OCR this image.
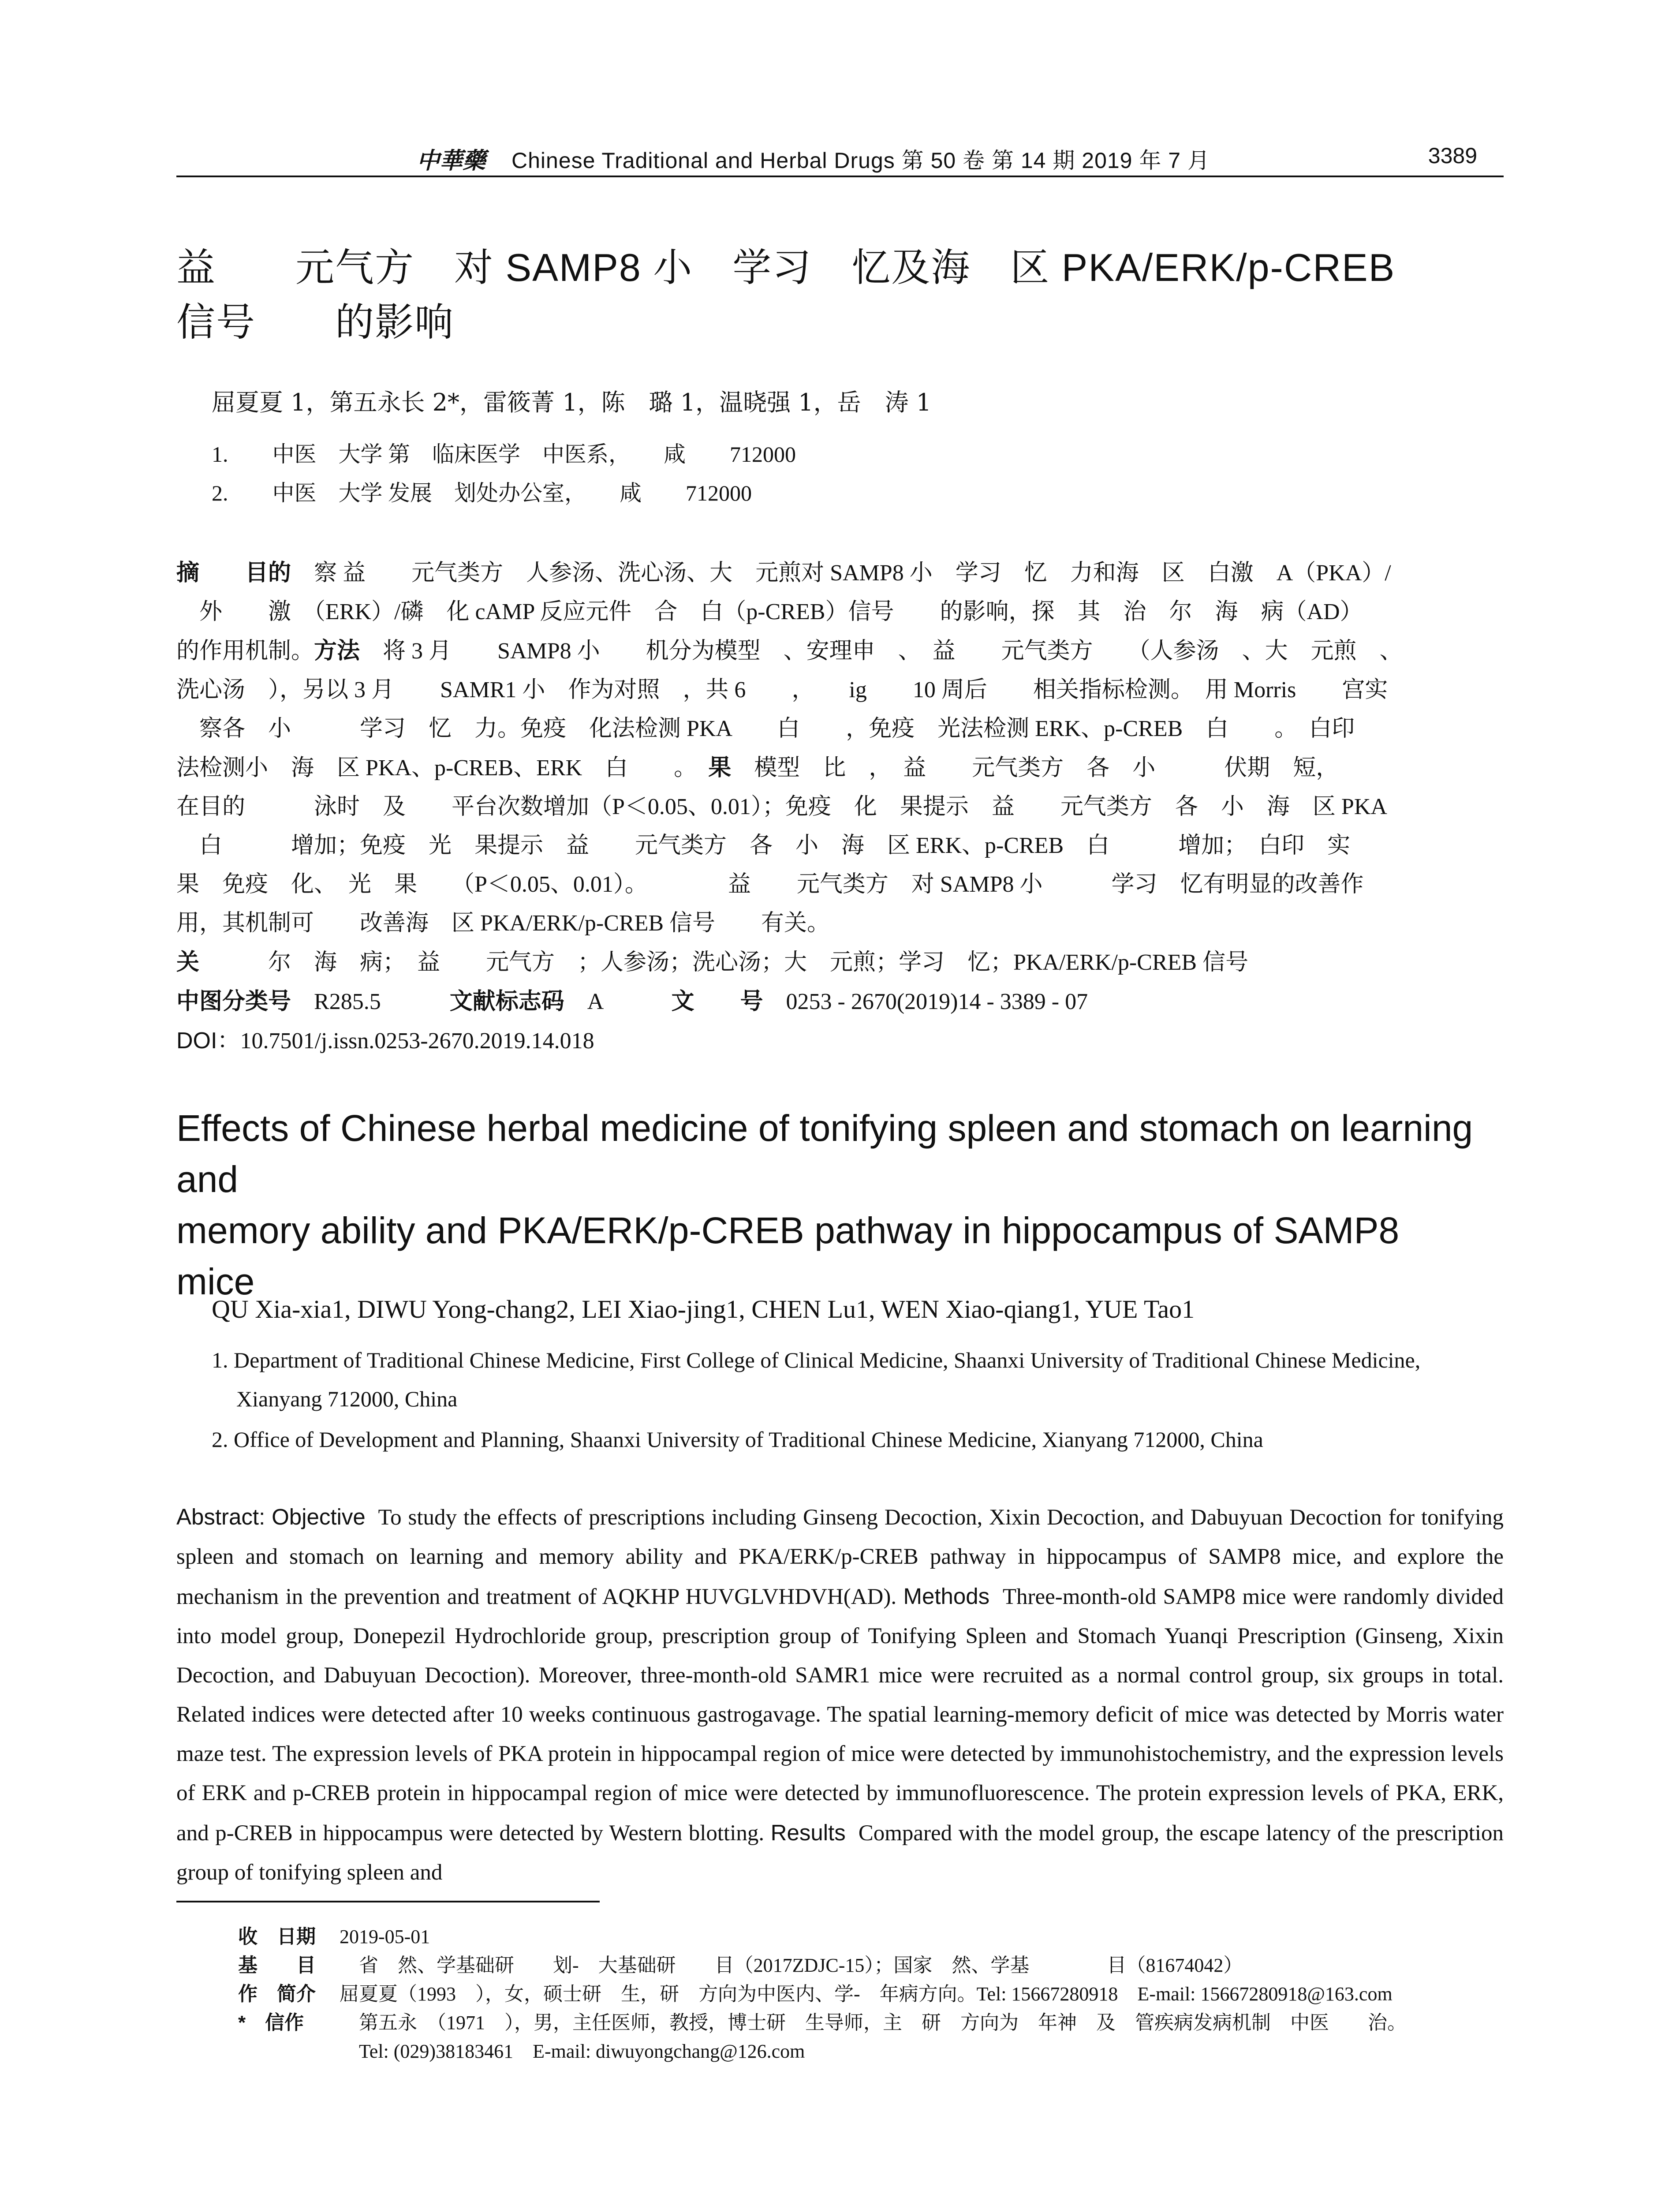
中華藥 Chinese Traditional and Herbal Drugs 第 50 卷 第 14 期 2019 年 7 月	3389
益　　元气方　对 SAMP8 小　学习　忆及海　区 PKA/ERK/p-CREB
信号　　的影响
屈夏夏 1，第五永长 2*，雷筱菁 1，陈　璐 1，温晓强 1，岳　涛 1
1.　　中医　大学 第　临床医学　中医系，　　咸　　712000
2.　　中医　大学 发展　划处办公室，　　咸　　712000
摘　　 目的　 察 益　　元气类方　人参汤、洗心汤、大　元煎对 SAMP8 小　学习　忆　力和海　区　白激　A（PKA）/
　外　　激　（ERK）/磷　化 cAMP 反应元件　合　白（p-CREB）信号　　的影响，探　其　治　尔　海　病（AD）
的作用机制。方法　 将 3 月　　SAMP8 小　　机分为模型　、安理申　、　益　　元气类方　　（人参汤　、大　元煎　、
洗心汤　），另以 3 月　　SAMR1 小　作为对照　，共 6　　，　　ig　　10 周后　　相关指标检测。　用 Morris　　宫实
　察各　小　　　学习　忆　力。免疫　化法检测 PKA　　白　　，免疫　光法检测 ERK、p-CREB　白　　。　白印
法检测小　海　区 PKA、p-CREB、ERK　白　　。　 果　模型　比　，　益　　元气类方　各　小　　　伏期　短，
在目的　　　泳时　及　　平台次数增加（P＜0.05、0.01）；免疫　化　果提示　益　　元气类方　各　小　海　区 PKA
　白　　　增加；免疫　光　果提示　益　　元气类方　各　小　海　区 ERK、p-CREB　白　　　增加；　白印　实
果　免疫　化、　光　果　　（P＜0.05、0.01）。　　　　益　　元气类方　对 SAMP8 小　　　学习　忆有明显的改善作
用，其机制可　　改善海　区 PKA/ERK/p-CREB 信号　　有关。
关　　　尔　海　病；　益　　元气方　；人参汤；洗心汤；大　元煎；学习　忆；PKA/ERK/p-CREB 信号
中图分类号　 R285.5　　　	文献标志码　 A　　　	文　　号　 0253 - 2670(2019)14 - 3389 - 07
DOI：10.7501/j.issn.0253-2670.2019.14.018
Effects of Chinese herbal medicine of tonifying spleen and stomach on learning and
memory ability and PKA/ERK/p-CREB pathway in hippocampus of SAMP8
mice
QU Xia-xia1, DIWU Yong-chang2, LEI Xiao-jing1, CHEN Lu1, WEN Xiao-qiang1, YUE Tao1
1. Department of Traditional Chinese Medicine, First College of Clinical Medicine, Shaanxi University of Traditional Chinese Medicine, Xianyang 712000, China
2. Office of Development and Planning, Shaanxi University of Traditional Chinese Medicine, Xianyang 712000, China
Abstract: Objective To study the effects of prescriptions including Ginseng Decoction, Xixin Decoction, and Dabuyuan Decoction for tonifying spleen and stomach on learning and memory ability and PKA/ERK/p-CREB pathway in hippocampus of SAMP8 mice, and explore the mechanism in the prevention and treatment of AQKHP HUVGLVHDVH(AD). Methods Three-month-old SAMP8 mice were randomly divided into model group, Donepezil Hydrochloride group, prescription group of Tonifying Spleen and Stomach Yuanqi Prescription (Ginseng, Xixin Decoction, and Dabuyuan Decoction). Moreover, three-month-old SAMR1 mice were recruited as a normal control group, six groups in total. Related indices were detected after 10 weeks continuous gastrogavage. The spatial learning-memory deficit of mice was detected by Morris water maze test. The expression levels of PKA protein in hippocampal region of mice were detected by immunohistochemistry, and the expression levels of ERK and p-CREB protein in hippocampal region of mice were detected by immunofluorescence. The protein expression levels of PKA, ERK, and p-CREB in hippocampus were detected by Western blotting. Results Compared with the model group, the escape latency of the prescription group of tonifying spleen and
收　日期 2019-05-01
基　　目　省　然、学基础研　　划-　大基础研　　目（2017ZDJC-15）；国家　然、学基　　　　目（81674042）
作　简介 屈夏夏（1993　），女，硕士研　生，研　方向为中医内、学-　年病方向。Tel: 15667280918　E-mail: 15667280918@163.com
*　信作　第五永　（1971　），男，主任医师，教授，博士研　生导师，主　研　方向为　年神　及　管疾病发病机制　中医　　治。
　Tel: (029)38183461　E-mail: diwuyongchang@126.com
